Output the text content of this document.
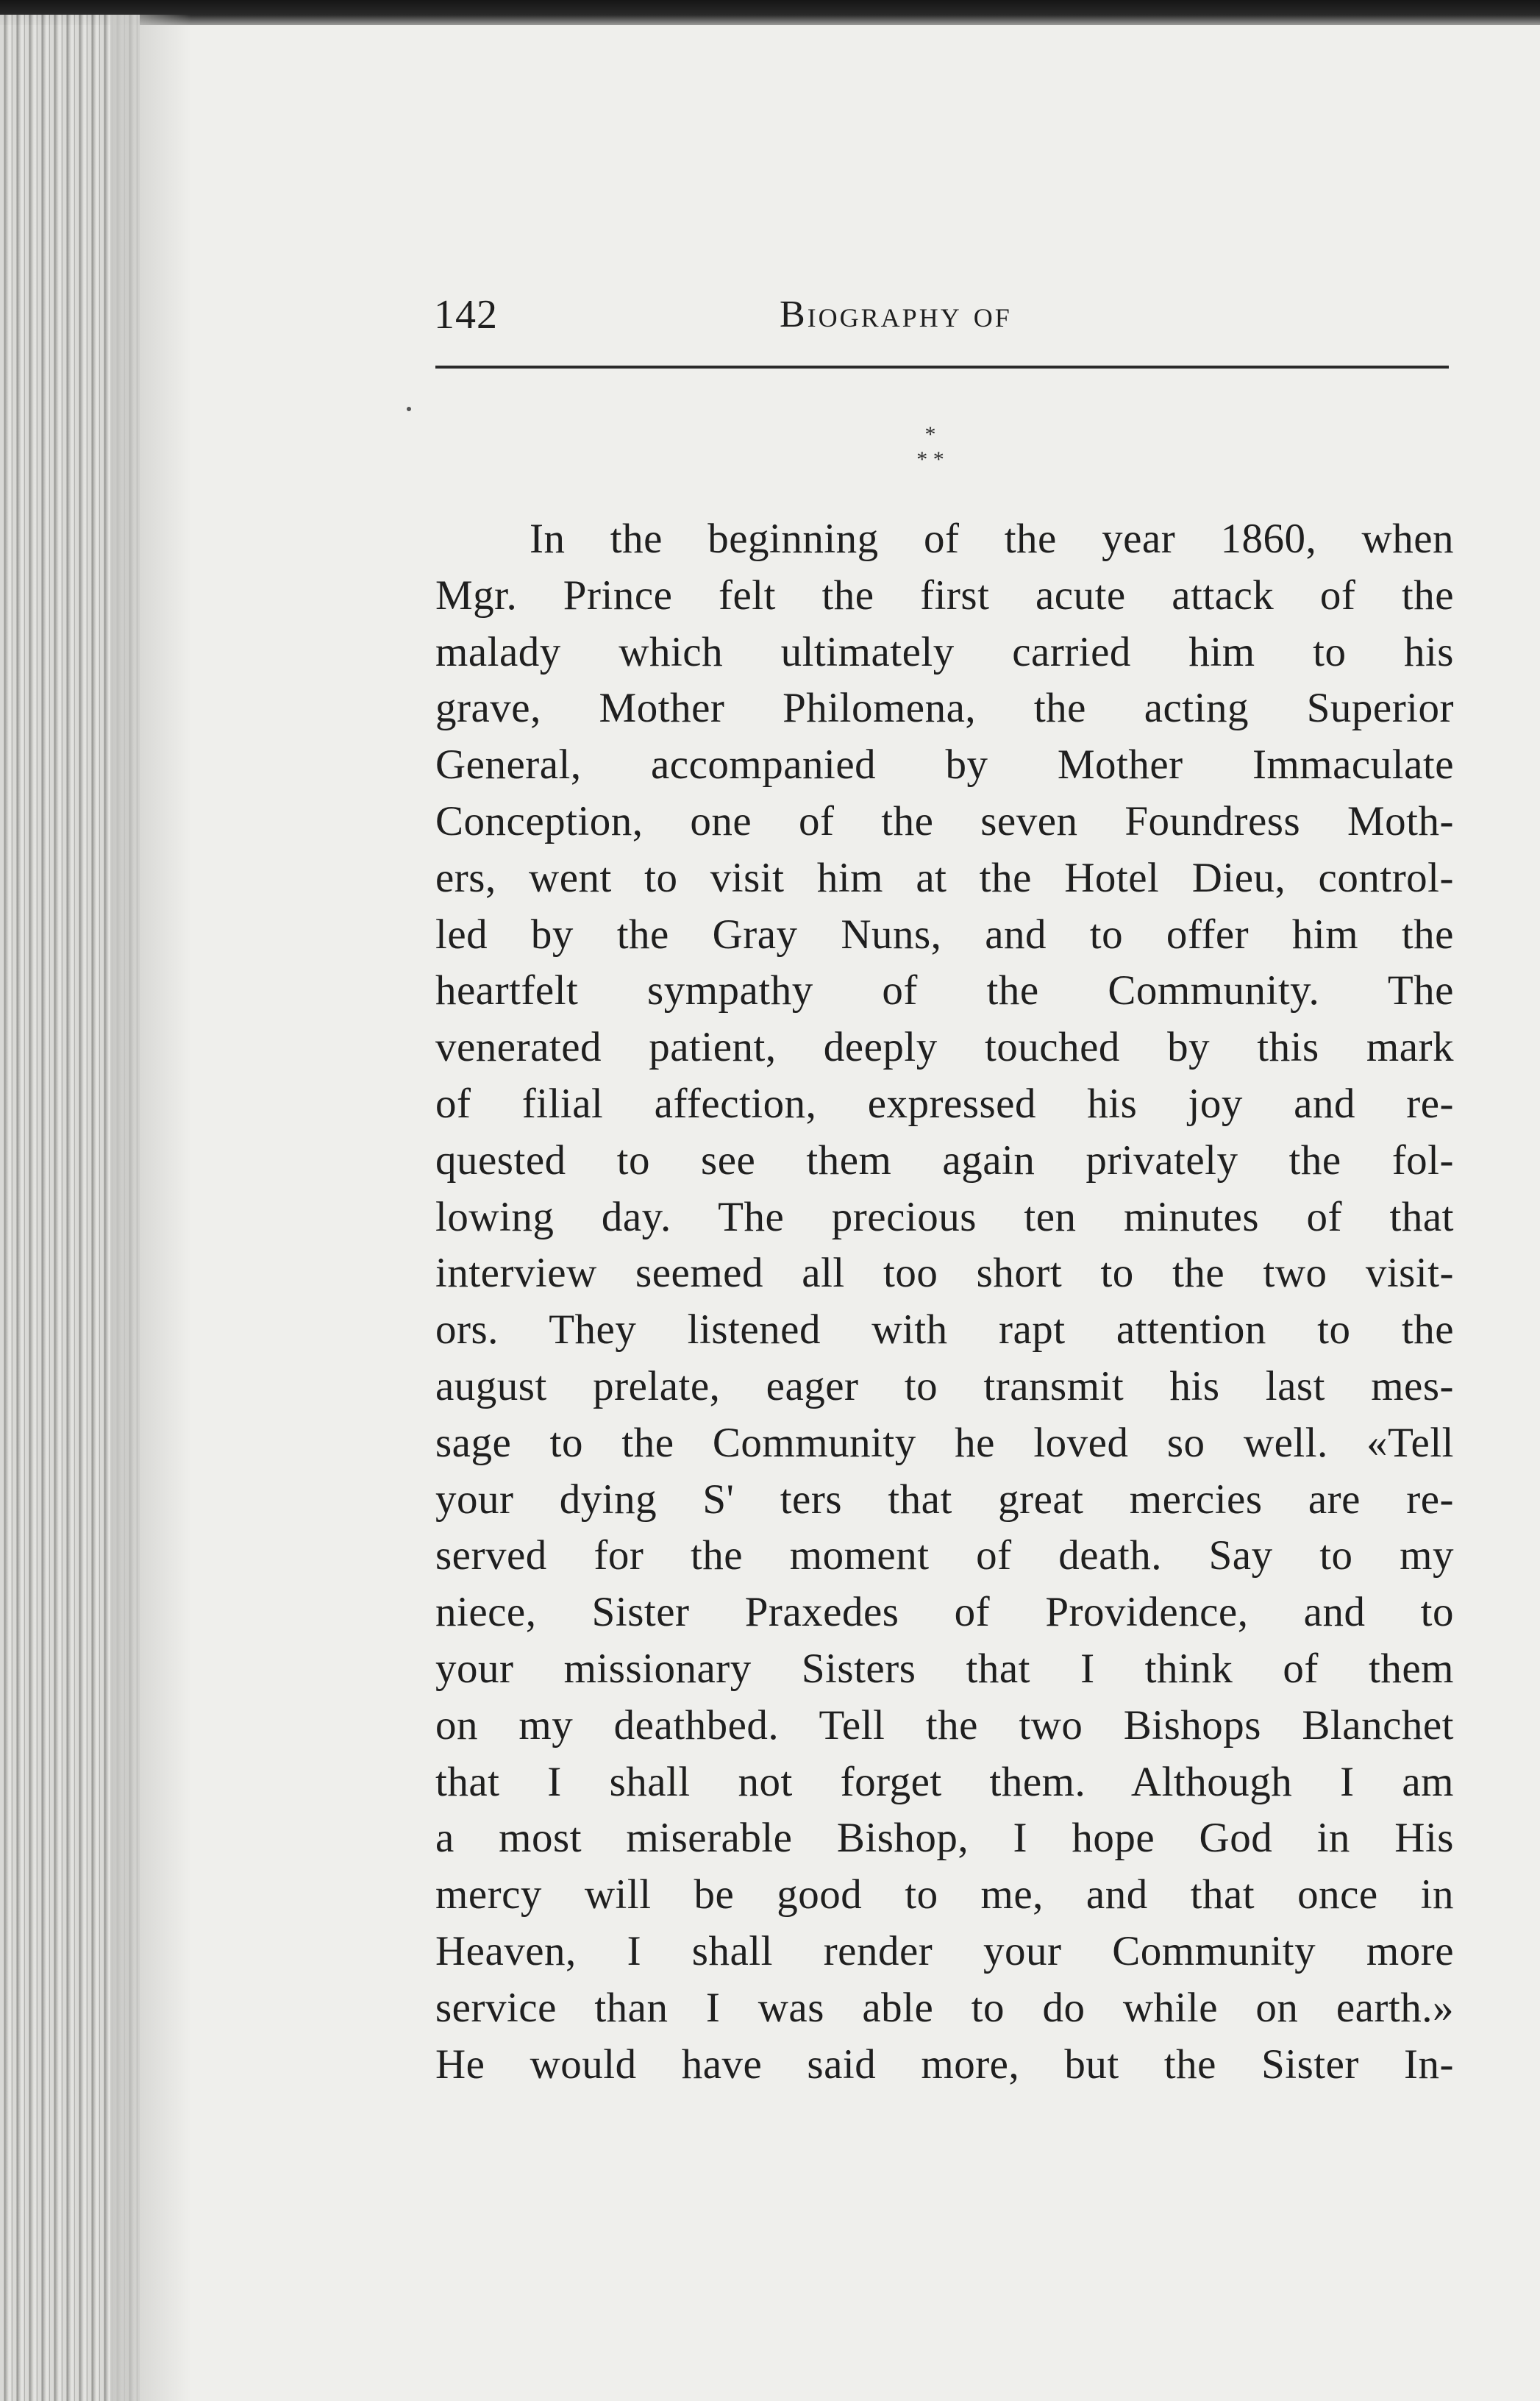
142	Biography of
*
* *
In the beginning of the year 1860, when
Mgr. Prince felt the first acute attack of the
malady which ultimately carried him to his
grave, Mother Philomena, the acting Superior
General, accompanied by Mother Immaculate
Conception, one of the seven Foundress Moth-
ers, went to visit him at the Hotel Dieu, control-
led by the Gray Nuns, and to offer him the
heartfelt sympathy of the Community. The
venerated patient, deeply touched by this mark
of filial affection, expressed his joy and re-
quested to see them again privately the fol-
lowing day. The precious ten minutes of that
interview seemed all too short to the two visit-
ors. They listened with rapt attention to the
august prelate, eager to transmit his last mes-
sage to the Community he loved so well. «Tell
your dying S' ters that great mercies are re-
served for the moment of death. Say to my
niece, Sister Praxedes of Providence, and to
your missionary Sisters that I think of them
on my deathbed. Tell the two Bishops Blanchet
that I shall not forget them. Although I am
a most miserable Bishop, I hope God in His
mercy will be good to me, and that once in
Heaven, I shall render your Community more
service than I was able to do while on earth.»
He would have said more, but the Sister In-
